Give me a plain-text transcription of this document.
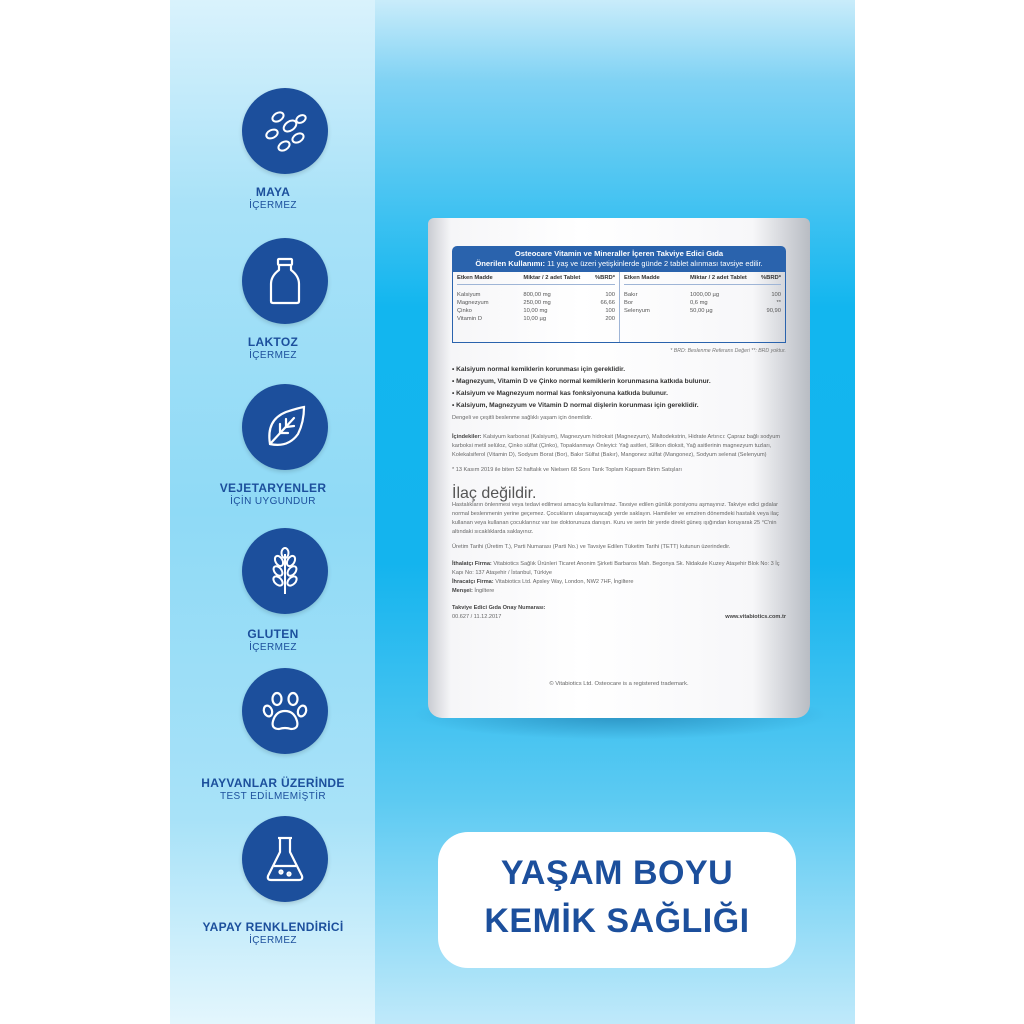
MAYA
İÇERMEZ
LAKTOZ
İÇERMEZ
VEJETARYENLER
İÇİN UYGUNDUR
GLUTEN
İÇERMEZ
HAYVANLAR ÜZERİNDE
TEST EDİLMEMİŞTİR
YAPAY RENKLENDİRİCİ
İÇERMEZ
Osteocare Vitamin ve Mineraller İçeren Takviye Edici Gıda
Önerilen Kullanımı: 11 yaş ve üzeri yetişkinlerde günde 2 tablet alınması tavsiye edilir.
Etken Madde	Miktar / 2 adet Tablet	%BRD*
Kalsiyum	800,00 mg	100
Magnezyum	250,00 mg	66,66
Çinko	10,00 mg	100
Vitamin D	10,00 µg	200
Etken Madde	Miktar / 2 adet Tablet	%BRD*
Bakır	1000,00 µg	100
Bor	0,6 mg	**
Selenyum	50,00 µg	90,90
* BRD: Beslenme Referans Değeri **: BRD yoktur.
• Kalsiyum normal kemiklerin korunması için gereklidir.
• Magnezyum, Vitamin D ve Çinko normal kemiklerin korunmasına katkıda bulunur.
• Kalsiyum ve Magnezyum normal kas fonksiyonuna katkıda bulunur.
• Kalsiyum, Magnezyum ve Vitamin D normal dişlerin korunması için gereklidir.
Dengeli ve çeşitli beslenme sağlıklı yaşam için önemlidir.
İçindekiler: Kalsiyum karbonat (Kalsiyum), Magnezyum hidroksit (Magnezyum), Maltodekstrin, Hidrate Artırıcı: Çapraz bağlı sodyum karboksi metil selüloz, Çinko sülfat (Çinko), Topaklanmayı Önleyici: Yağ asitleri, Silikon dioksit, Yağ asitlerinin magnezyum tuzları, Kolekalsiferol (Vitamin D), Sodyum Borat (Bor), Bakır Sülfat (Bakır), Mangonez sülfat (Mangonez), Sodyum selenat (Selenyum)
* 13 Kasım 2019 ile biten 52 haftalık ve Nielsen 68 Sorıı Tarık Toplam Kapsam Birim Satışları
İlaç değildir.
Hastalıkların önlenmesi veya tedavi edilmesi amacıyla kullanılmaz. Tavsiye edilen günlük porsiyonu aşmayınız. Takviye edici gıdalar normal beslenmenin yerine geçemez. Çocukların ulaşamayacağı yerde saklayın. Hamileler ve emziren dönemdeki hastalık veya ilaç kullanan veya kullanan çocuklarınız var ise doktorunuza danışın. Kuru ve serin bir yerde direkt güneş ışığından koruyarak 25 °C'nin altındaki sıcaklıklarda saklayınız.
Üretim Tarihi (Üretim T.), Parti Numarası (Parti No.) ve Tavsiye Edilen Tüketim Tarihi (TETT) kutunun üzerindedir.
İthalatçı Firma: Vitabiotics Sağlık Ürünleri Ticaret Anonim Şirketi Barbaros Mah. Begonya Sk. Nidakule Kuzey Ataşehir Blok No: 3 İç Kapı No: 137 Ataşehir / İstanbul, Türkiye
İhracatçı Firma: Vitabiotics Ltd. Apsley Way, London, NW2 7HF, İngiltere
Menşei: İngiltere
Takviye Edici Gıda Onay Numarası:
00.627 / 11.12.2017	www.vitabiotics.com.tr
© Vitabiotics Ltd. Osteocare is a registered trademark.
YAŞAM BOYU
KEMİK SAĞLIĞI
